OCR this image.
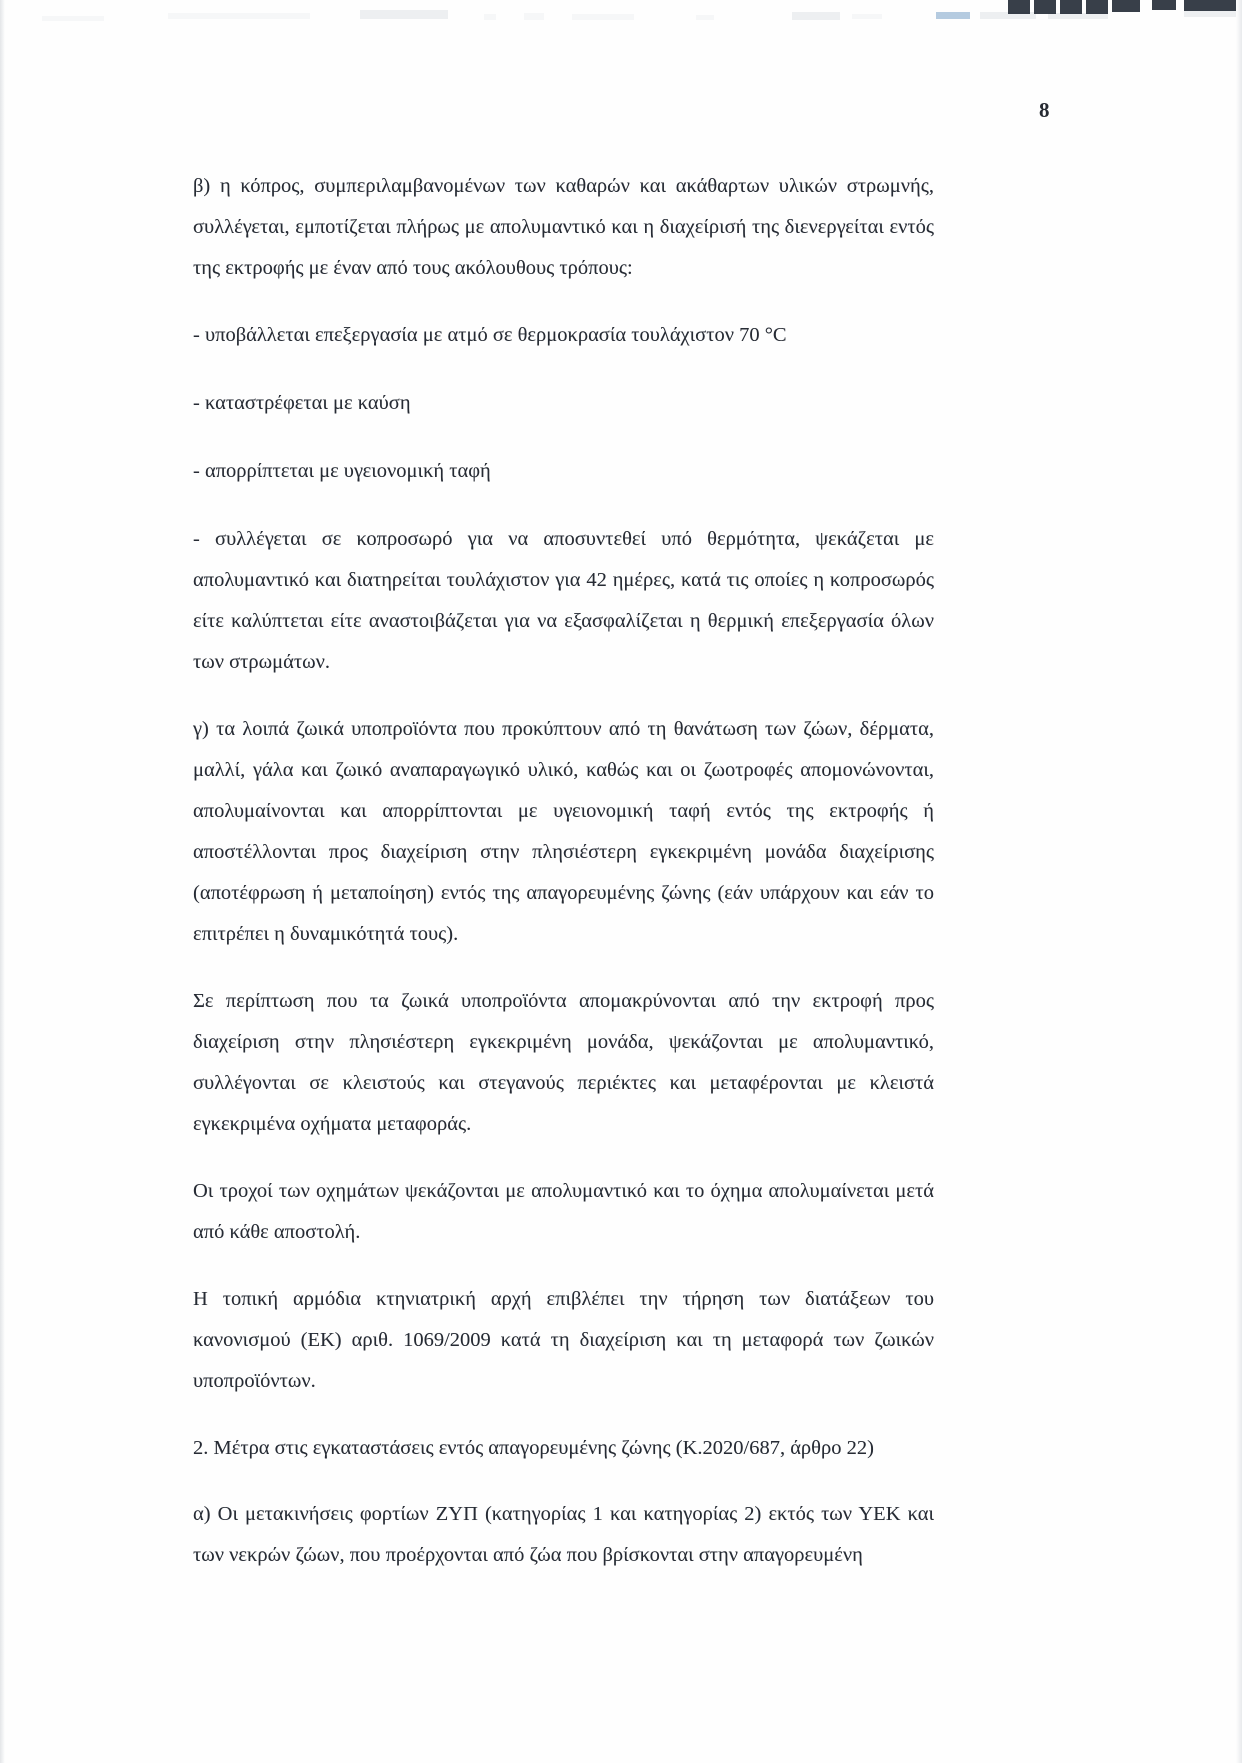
8

β) η κόπρος, συμπεριλαμβανομένων των καθαρών και ακάθαρτων υλικών στρωμνής, συλλέγεται, εμποτίζεται πλήρως με απολυμαντικό και η διαχείρισή της διενεργείται εντός της εκτροφής με έναν από τους ακόλουθους τρόπους:

- υποβάλλεται επεξεργασία με ατμό σε θερμοκρασία τουλάχιστον 70 °C

- καταστρέφεται με καύση

- απορρίπτεται με υγειονομική ταφή

- συλλέγεται σε κοπροσωρό για να αποσυντεθεί υπό θερμότητα, ψεκάζεται με απολυμαντικό και διατηρείται τουλάχιστον για 42 ημέρες, κατά τις οποίες η κοπροσωρός είτε καλύπτεται είτε αναστοιβάζεται για να εξασφαλίζεται η θερμική επεξεργασία όλων των στρωμάτων.

γ) τα λοιπά ζωικά υποπροϊόντα που προκύπτουν από τη θανάτωση των ζώων, δέρματα, μαλλί, γάλα και ζωικό αναπαραγωγικό υλικό, καθώς και οι ζωοτροφές απομονώνονται, απολυμαίνονται και απορρίπτονται με υγειονομική ταφή εντός της εκτροφής ή αποστέλλονται προς διαχείριση στην πλησιέστερη εγκεκριμένη μονάδα διαχείρισης (αποτέφρωση ή μεταποίηση) εντός της απαγορευμένης ζώνης (εάν υπάρχουν και εάν το επιτρέπει η δυναμικότητά τους).

Σε περίπτωση που τα ζωικά υποπροϊόντα απομακρύνονται από την εκτροφή προς διαχείριση στην πλησιέστερη εγκεκριμένη μονάδα, ψεκάζονται με απολυμαντικό, συλλέγονται σε κλειστούς και στεγανούς περιέκτες και μεταφέρονται με κλειστά εγκεκριμένα οχήματα μεταφοράς.

Οι τροχοί των οχημάτων ψεκάζονται με απολυμαντικό και το όχημα απολυμαίνεται μετά από κάθε αποστολή.

Η τοπική αρμόδια κτηνιατρική αρχή επιβλέπει την τήρηση των διατάξεων του κανονισμού (ΕΚ) αριθ. 1069/2009 κατά τη διαχείριση και τη μεταφορά των ζωικών υποπροϊόντων.

2. Μέτρα στις εγκαταστάσεις εντός απαγορευμένης ζώνης (Κ.2020/687, άρθρο 22)

α) Οι μετακινήσεις φορτίων ΖΥΠ (κατηγορίας 1 και κατηγορίας 2) εκτός των ΥΕΚ και των νεκρών ζώων, που προέρχονται από ζώα που βρίσκονται στην απαγορευμένη
